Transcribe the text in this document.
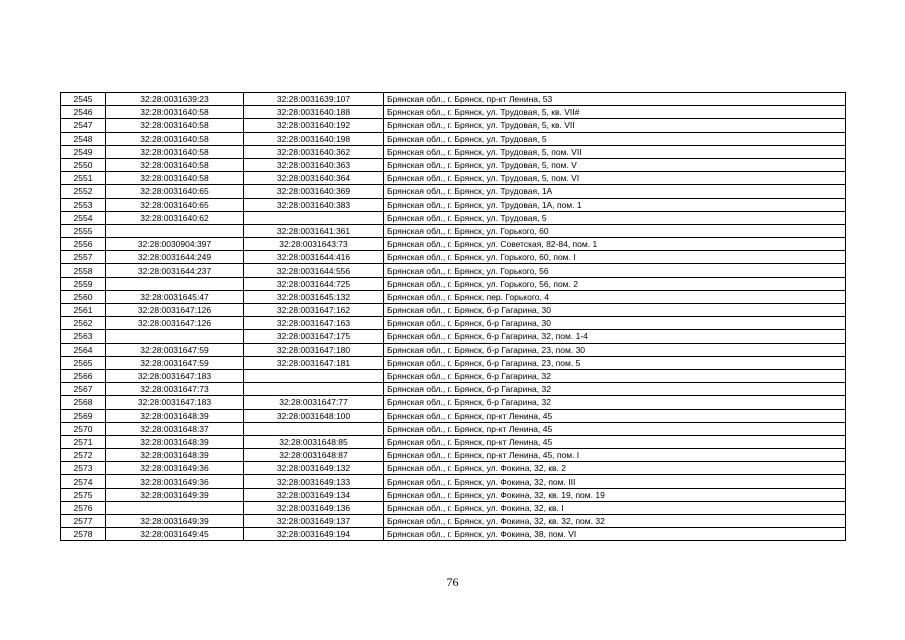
2545	32:28:0031639:23	32:28:0031639:107	Брянская обл., г. Брянск, пр-кт Ленина, 53
2546	32:28:0031640:58	32:28:0031640:188	Брянская обл., г. Брянск, ул. Трудовая, 5, кв. VII#
2547	32:28:0031640:58	32:28:0031640:192	Брянская обл., г. Брянск, ул. Трудовая, 5, кв. VII
2548	32:28:0031640:58	32:28:0031640:198	Брянская обл., г. Брянск, ул. Трудовая, 5
2549	32:28:0031640:58	32:28:0031640:362	Брянская обл., г. Брянск, ул. Трудовая, 5, пом. VII
2550	32:28:0031640:58	32:28:0031640:363	Брянская обл., г. Брянск, ул. Трудовая, 5, пом. V
2551	32:28:0031640:58	32:28:0031640:364	Брянская обл., г. Брянск, ул. Трудовая, 5, пом. VI
2552	32:28:0031640:65	32:28:0031640:369	Брянская обл., г. Брянск, ул. Трудовая, 1А
2553	32:28:0031640:65	32:28:0031640:383	Брянская обл., г. Брянск, ул. Трудовая, 1А, пом. 1
2554	32:28:0031640:62		Брянская обл., г. Брянск, ул. Трудовая, 5
2555		32:28:0031641:361	Брянская обл., г. Брянск, ул. Горького, 60
2556	32:28:0030904:397	32:28:0031643:73	Брянская обл., г. Брянск, ул. Советская, 82-84, пом. 1
2557	32:28:0031644:249	32:28:0031644:416	Брянская обл., г. Брянск, ул. Горького, 60, пом. I
2558	32:28:0031644:237	32:28:0031644:556	Брянская обл., г. Брянск, ул. Горького, 56
2559		32:28:0031644:725	Брянская обл., г. Брянск, ул. Горького, 56, пом. 2
2560	32:28:0031645:47	32:28:0031645:132	Брянская обл., г. Брянск, пер. Горького, 4
2561	32:28:0031647:126	32:28:0031647:162	Брянская обл., г. Брянск, б-р Гагарина, 30
2562	32:28:0031647:126	32:28:0031647:163	Брянская обл., г. Брянск, б-р Гагарина, 30
2563		32:28:0031647:175	Брянская обл., г. Брянск, б-р Гагарина, 32, пом. 1-4
2564	32:28:0031647:59	32:28:0031647:180	Брянская обл., г. Брянск, б-р Гагарина, 23, пом. 30
2565	32:28:0031647:59	32:28:0031647:181	Брянская обл., г. Брянск, б-р Гагарина, 23, пом. 5
2566	32:28:0031647:183		Брянская обл., г. Брянск, б-р Гагарина, 32
2567	32:28:0031647:73		Брянская обл., г. Брянск, б-р Гагарина, 32
2568	32:28:0031647:183	32:28:0031647:77	Брянская обл., г. Брянск, б-р Гагарина, 32
2569	32:28:0031648:39	32:28:0031648:100	Брянская обл., г. Брянск, пр-кт Ленина, 45
2570	32:28:0031648:37		Брянская обл., г. Брянск, пр-кт Ленина, 45
2571	32:28:0031648:39	32:28:0031648:85	Брянская обл., г. Брянск, пр-кт Ленина, 45
2572	32:28:0031648:39	32:28:0031648:87	Брянская обл., г. Брянск, пр-кт Ленина, 45, пом. I
2573	32:28:0031649:36	32:28:0031649:132	Брянская обл., г. Брянск, ул. Фокина, 32, кв. 2
2574	32:28:0031649:36	32:28:0031649:133	Брянская обл., г. Брянск, ул. Фокина, 32, пом. III
2575	32:28:0031649:39	32:28:0031649:134	Брянская обл., г. Брянск, ул. Фокина, 32, кв. 19, пом. 19
2576		32:28:0031649:136	Брянская обл., г. Брянск, ул. Фокина, 32, кв. I
2577	32:28:0031649:39	32:28:0031649:137	Брянская обл., г. Брянск, ул. Фокина, 32, кв. 32, пом. 32
2578	32:28:0031649:45	32:28:0031649:194	Брянская обл., г. Брянск, ул. Фокина, 38, пом. VI
76
